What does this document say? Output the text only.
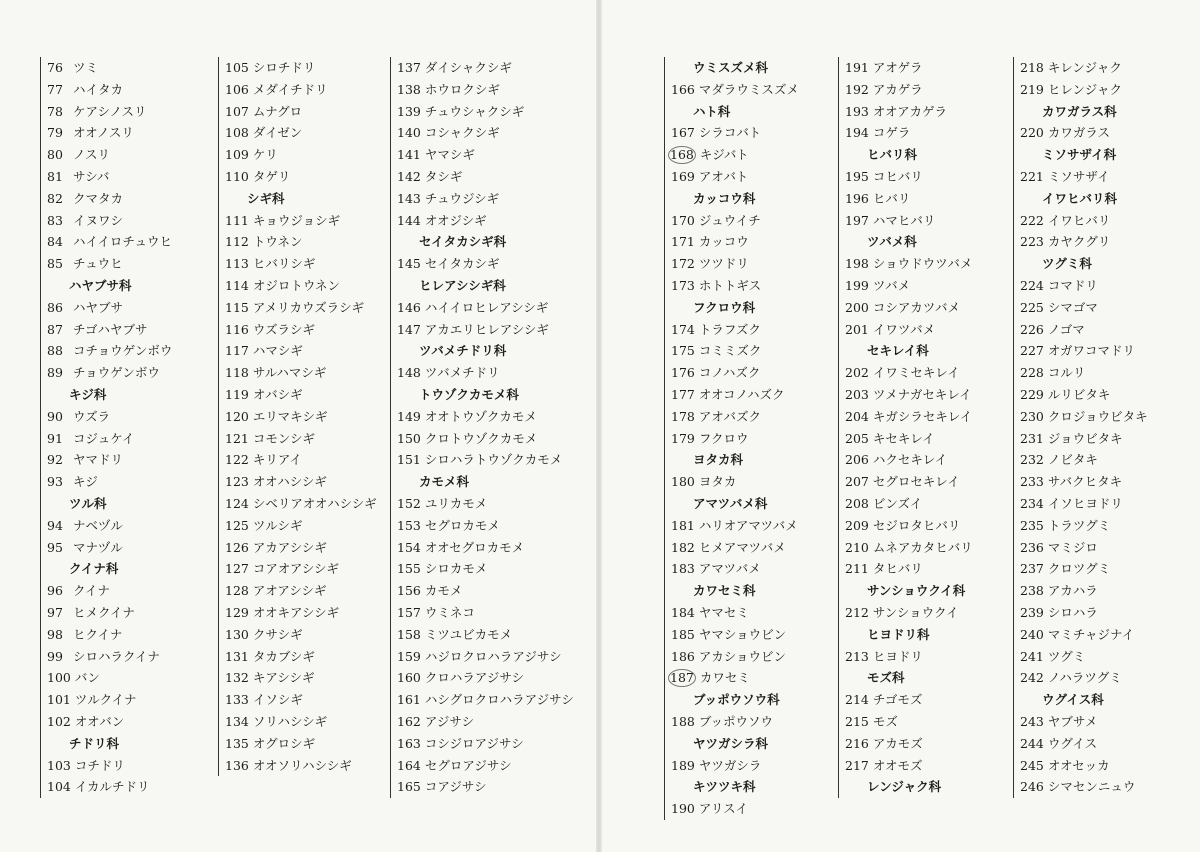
76 ツミ
77 ハイタカ
78 ケアシノスリ
79 オオノスリ
80 ノスリ
81 サシバ
82 クマタカ
83 イヌワシ
84 ハイイロチュウヒ
85 チュウヒ
ハヤブサ科
86 ハヤブサ
87 チゴハヤブサ
88 コチョウゲンボウ
89 チョウゲンボウ
キジ科
90 ウズラ
91 コジュケイ
92 ヤマドリ
93 キジ
ツル科
94 ナベヅル
95 マナヅル
クイナ科
96 クイナ
97 ヒメクイナ
98 ヒクイナ
99 シロハラクイナ
100 バン
101 ツルクイナ
102 オオバン
チドリ科
103 コチドリ
104 イカルチドリ
105 シロチドリ
106 メダイチドリ
107 ムナグロ
108 ダイゼン
109 ケリ
110 タゲリ
シギ科
111 キョウジョシギ
112 トウネン
113 ヒバリシギ
114 オジロトウネン
115 アメリカウズラシギ
116 ウズラシギ
117 ハマシギ
118 サルハマシギ
119 オバシギ
120 エリマキシギ
121 コモンシギ
122 キリアイ
123 オオハシシギ
124 シベリアオオハシシギ
125 ツルシギ
126 アカアシシギ
127 コアオアシシギ
128 アオアシシギ
129 オオキアシシギ
130 クサシギ
131 タカブシギ
132 キアシシギ
133 イソシギ
134 ソリハシシギ
135 オグロシギ
136 オオソリハシシギ
137 ダイシャクシギ
138 ホウロクシギ
139 チュウシャクシギ
140 コシャクシギ
141 ヤマシギ
142 タシギ
143 チュウジシギ
144 オオジシギ
セイタカシギ科
145 セイタカシギ
ヒレアシシギ科
146 ハイイロヒレアシシギ
147 アカエリヒレアシシギ
ツバメチドリ科
148 ツバメチドリ
トウゾクカモメ科
149 オオトウゾクカモメ
150 クロトウゾクカモメ
151 シロハラトウゾクカモメ
カモメ科
152 ユリカモメ
153 セグロカモメ
154 オオセグロカモメ
155 シロカモメ
156 カモメ
157 ウミネコ
158 ミツユビカモメ
159 ハジロクロハラアジサシ
160 クロハラアジサシ
161 ハシグロクロハラアジサシ
162 アジサシ
163 コシジロアジサシ
164 セグロアジサシ
165 コアジサシ
ウミスズメ科
166 マダラウミスズメ
ハト科
167 シラコバト
168 キジバト
169 アオバト
カッコウ科
170 ジュウイチ
171 カッコウ
172 ツツドリ
173 ホトトギス
フクロウ科
174 トラフズク
175 コミミズク
176 コノハズク
177 オオコノハズク
178 アオバズク
179 フクロウ
ヨタカ科
180 ヨタカ
アマツバメ科
181 ハリオアマツバメ
182 ヒメアマツバメ
183 アマツバメ
カワセミ科
184 ヤマセミ
185 ヤマショウビン
186 アカショウビン
187 カワセミ
ブッポウソウ科
188 ブッポウソウ
ヤツガシラ科
189 ヤツガシラ
キツツキ科
190 アリスイ
191 アオゲラ
192 アカゲラ
193 オオアカゲラ
194 コゲラ
ヒバリ科
195 コヒバリ
196 ヒバリ
197 ハマヒバリ
ツバメ科
198 ショウドウツバメ
199 ツバメ
200 コシアカツバメ
201 イワツバメ
セキレイ科
202 イワミセキレイ
203 ツメナガセキレイ
204 キガシラセキレイ
205 キセキレイ
206 ハクセキレイ
207 セグロセキレイ
208 ビンズイ
209 セジロタヒバリ
210 ムネアカタヒバリ
211 タヒバリ
サンショウクイ科
212 サンショウクイ
ヒヨドリ科
213 ヒヨドリ
モズ科
214 チゴモズ
215 モズ
216 アカモズ
217 オオモズ
レンジャク科
218 キレンジャク
219 ヒレンジャク
カワガラス科
220 カワガラス
ミソサザイ科
221 ミソサザイ
イワヒバリ科
222 イワヒバリ
223 カヤクグリ
ツグミ科
224 コマドリ
225 シマゴマ
226 ノゴマ
227 オガワコマドリ
228 コルリ
229 ルリビタキ
230 クロジョウビタキ
231 ジョウビタキ
232 ノビタキ
233 サバクヒタキ
234 イソヒヨドリ
235 トラツグミ
236 マミジロ
237 クロツグミ
238 アカハラ
239 シロハラ
240 マミチャジナイ
241 ツグミ
242 ノハラツグミ
ウグイス科
243 ヤブサメ
244 ウグイス
245 オオセッカ
246 シマセンニュウ
